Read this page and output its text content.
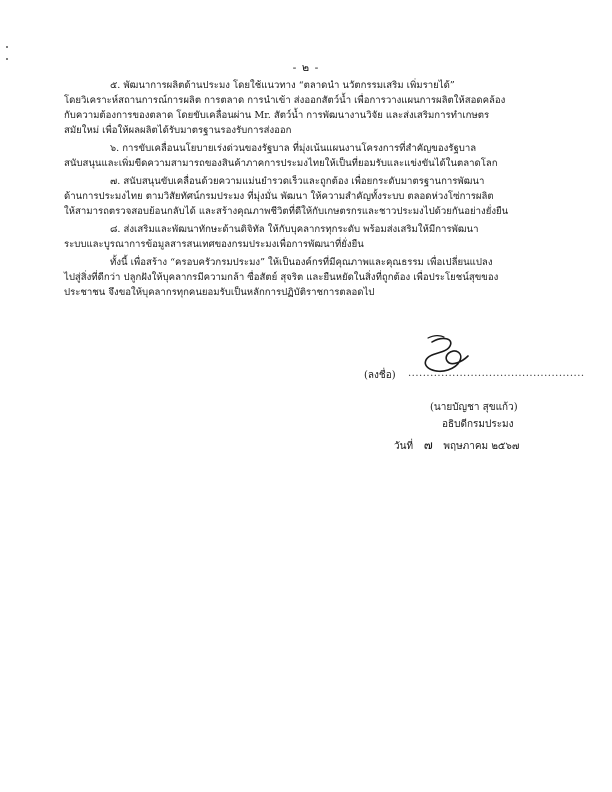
- ๒ -
๕. พัฒนาการผลิตด้านประมง โดยใช้แนวทาง “ตลาดนำ นวัตกรรมเสริม เพิ่มรายได้”
โดยวิเคราะห์สถานการณ์การผลิต การตลาด การนำเข้า ส่งออกสัตว์น้ำ เพื่อการวางแผนการผลิตให้สอดคล้อง
กับความต้องการของตลาด โดยขับเคลื่อนผ่าน Mr. สัตว์น้ำ การพัฒนางานวิจัย และส่งเสริมการทำเกษตร
สมัยใหม่ เพื่อให้ผลผลิตได้รับมาตรฐานรองรับการส่งออก
๖. การขับเคลื่อนนโยบายเร่งด่วนของรัฐบาล ที่มุ่งเน้นแผนงานโครงการที่สำคัญของรัฐบาล
สนับสนุนและเพิ่มขีดความสามารถของสินค้าภาคการประมงไทยให้เป็นที่ยอมรับและแข่งขันได้ในตลาดโลก
๗. สนับสนุนขับเคลื่อนด้วยความแม่นยำรวดเร็วและถูกต้อง เพื่อยกระดับมาตรฐานการพัฒนา
ด้านการประมงไทย ตามวิสัยทัศน์กรมประมง ที่มุ่งมั่น พัฒนา ให้ความสำคัญทั้งระบบ ตลอดห่วงโซ่การผลิต
ให้สามารถตรวจสอบย้อนกลับได้ และสร้างคุณภาพชีวิตที่ดีให้กับเกษตรกรและชาวประมงไปด้วยกันอย่างยั่งยืน
๘. ส่งเสริมและพัฒนาทักษะด้านดิจิทัล ให้กับบุคลากรทุกระดับ พร้อมส่งเสริมให้มีการพัฒนา
ระบบและบูรณาการข้อมูลสารสนเทศของกรมประมงเพื่อการพัฒนาที่ยั่งยืน
ทั้งนี้ เพื่อสร้าง “ครอบครัวกรมประมง” ให้เป็นองค์กรที่มีคุณภาพและคุณธรรม เพื่อเปลี่ยนแปลง
ไปสู่สิ่งที่ดีกว่า ปลูกฝังให้บุคลากรมีความกล้า ซื่อสัตย์ สุจริต และยืนหยัดในสิ่งที่ถูกต้อง เพื่อประโยชน์สุขของ
ประชาชน จึงขอให้บุคลากรทุกคนยอมรับเป็นหลักการปฏิบัติราชการตลอดไป
(ลงชื่อ) ................................................
(นายบัญชา สุขแก้ว)
อธิบดีกรมประมง
วันที่ ๗ พฤษภาคม ๒๕๖๗
